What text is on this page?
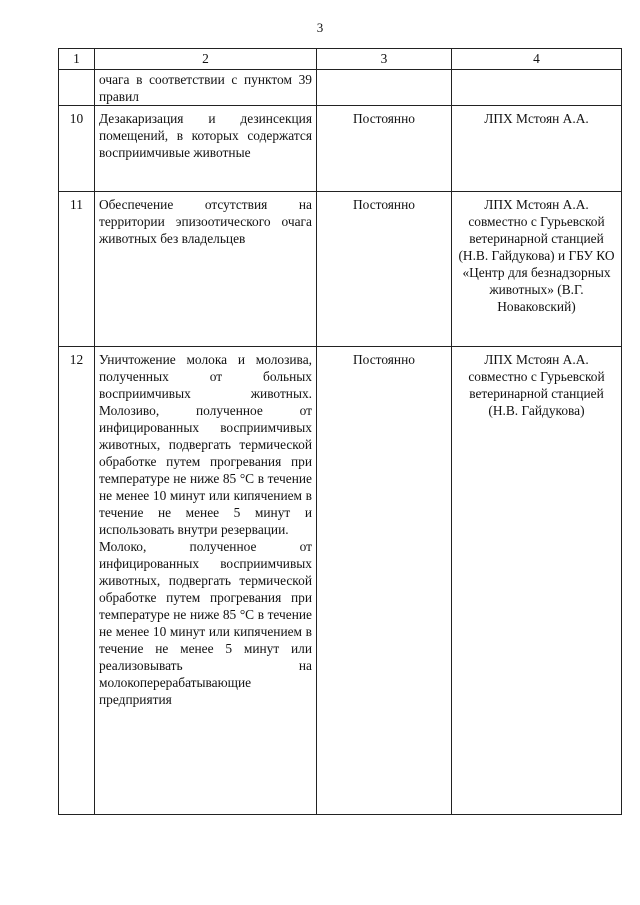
3
1	2	3	4

	очага в соответствии с пунктом 39 правил		

10	Дезакаризация и дезинсекция помещений, в которых содержатся восприимчивые животные	Постоянно	ЛПХ Мстоян А.А.
11	Обеспечение отсутствия на территории эпизоотического очага животных без владельцев	Постоянно	ЛПХ Мстоян А.А. совместно с Гурьевской ветеринарной станцией (Н.В. Гайдукова) и ГБУ КО «Центр для безнадзорных животных» (В.Г. Новаковский)
12	Уничтожение молока и молозива, полученных от больных восприимчивых животных. Молозиво, полученное от инфицированных восприимчивых животных, подвергать термической обработке путем прогревания при температуре не ниже 85 °С в течение не менее 10 минут или кипячением в течение не менее 5 минут и использовать внутри резервации.

Молоко, полученное от инфицированных восприимчивых животных, подвергать термической обработке путем прогревания при температуре не ниже 85 °С в течение не менее 10 минут или кипячением в течение не менее 5 минут или реализовывать на молокоперерабатывающие предприятия	Постоянно	ЛПХ Мстоян А.А. совместно с Гурьевской ветеринарной станцией (Н.В. Гайдукова)
